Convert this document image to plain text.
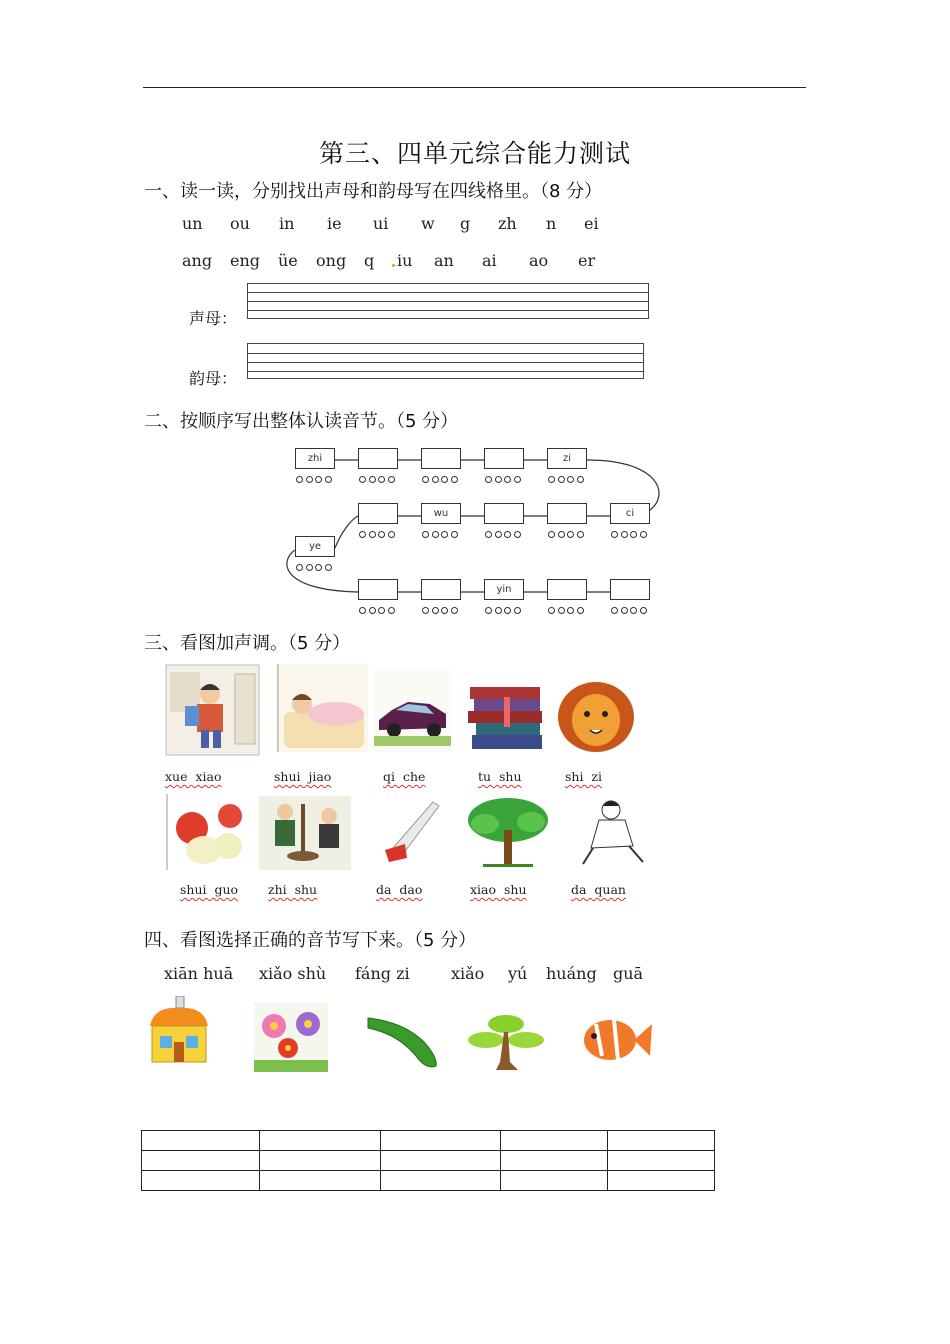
第三、四单元综合能力测试
一、读一读，分别找出声母和韵母写在四线格里。（8 分）
un ou in ie ui w g zh n ei
ang eng üe ong q iu an ai ao er
声母：
韵母：
二、按顺序写出整体认读音节。（5 分）
zhi	zi
wu	ci
ye
yin
三、看图加声调。（5 分）
xue  xiao	shui  jiao	qi  che	tu  shu	shi  zi
shui  guo zhi  shu	da  dao	xiao  shu	da  quan
四、看图选择正确的音节写下来。（5 分）
xiān huā xiǎo shù fáng zi	xiǎo yú huáng guā
